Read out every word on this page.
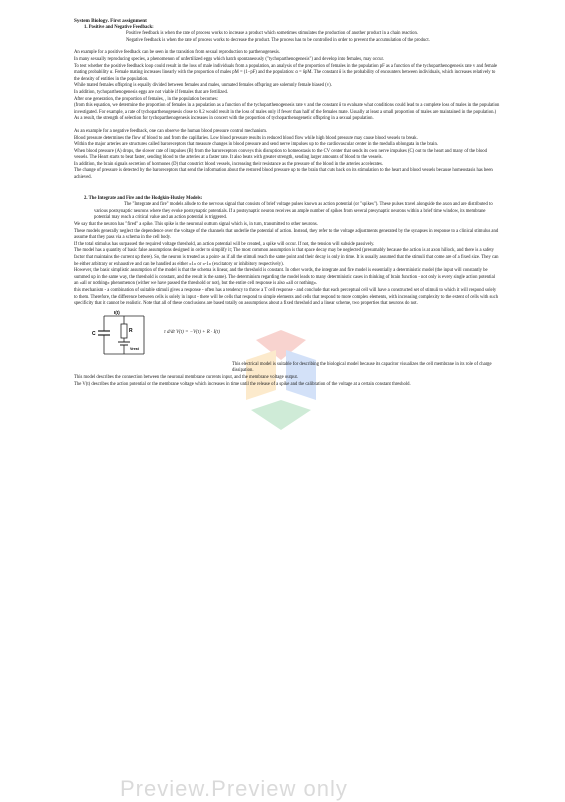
System Biology. First assignment

1. Positive and Negative Feedback:

Positive feedback is when the rate of process works to increase a product which sometimes stimulates the production of another product in a chain reaction.

Negative feedback is when the rate of process works to decrease the product. The process has to be controlled in order to prevent the accumulation of the product.

An example for a positive feedback can be seen in the transition from sexual reproduction to parthenogenesis.

In many sexually reproducing species, a phenomenon of unfertilized eggs which hatch spontaneously ("tychoparthenogenesis") and develop into females, may occur.

To test whether the positive feedback loop could result in the loss of male individuals from a population, an analysis of the proportion of females in the population pF as a function of the tychoparthenogenesis rate v and female mating probability α. Female mating increases linearly with the proportion of males pM = (1−pF) and the population: α = δpM. The constant δ is the probability of encounters between individuals, which increases relatively to the density of entities in the population.

While mated females offspring is equally divided between females and males, unmated females offspring are solemnly female biased (v).

In addition, tychoparthenogenesis eggs are not viable if females that are fertilized.

After one generation, the proportion of females, , in the population becomes:

(from this equation, we determine the proportion of females in a population as a function of the tychoparthenogenesis rate v and the constant δ to evaluate what conditions could lead to a complete loss of males in the population investigated. For example, a rate of tychoparthenogenesis close to 0.2 would result in the loss of males only if fewer than half of the females mate. Usually at least a small proportion of males are maintained in the population.)

As a result, the strength of selection for tychoparthenogenesis increases in concert with the proportion of tychoparthenogenetic offspring in a sexual population.

As an example for a negative feedback, one can observe the human blood pressure control mechanism.

Blood pressure determines the flow of blood to and from the capillaries. Low blood pressure results in reduced blood flow while high blood pressure may cause blood vessels to break.

Within the major arteries are structures called baroreceptors that measure changes in blood pressure and send nerve impulses up to the cardiovascular center in the medulla oblongata in the brain.

When blood pressure (A) drops, the slower rate of impulses (B) from the baroreceptors conveys this disruption to homeostasis to the CV center that sends its own nerve impulses (C) out to the heart and many of the blood vessels. The Heart starts to beat faster, sending blood to the arteries at a faster rate. It also beats with greater strength, sending larger amounts of blood to the vessels.

In addition, the brain signals secretion of hormones (D) that constrict blood vessels, increasing their resistance as the pressure of the blood in the arteries accelerates.

The change of pressure is detected by the baroreceptors that send the information about the restored blood pressure up to the brain that cuts back on its stimulation to the heart and blood vessels because homeostasis has been achieved.

2. The Integrate and Fire and the Hodgkin-Huxley Models:

The "Integrate and fire" models allude to the nervous signal that consists of brief voltage pulses known as action potential (or "spikes"). These pulses travel alongside the axon and are distributed to various postsynaptic neurons where they evoke postsynaptic potentials. If a postsynaptic neuron receives an ample number of spikes from several presynaptic neurons within a brief time window, its membrane potential may reach a critical value and an action potential is triggered.

We say that the neuron has "fired" a spike. This spike is the neuronal outturn signal which is, in turn, transmitted to other neurons.

These models generally neglect the dependence over the voltage of the channels that underlie the potential of action. Instead, they refer to the voltage adjustments generated by the synapses in response to a clinical stimulus and assume that they pass via a schema in the cell body.

If the total stimulus has surpassed the required voltage threshold, an action potential will be created, a spike will occur. If not, the tension will subside passively.

The model has a quantity of basic false assumptions designed in order to simplify it; The most common assumption is that space decay may be neglected (presumably because the action is at axon hillock, and there is a safety factor that maintains the current up there). So, the neuron is treated as a point- as if all the stimuli reach the same point and their decay is only in time. It is usually assumed that the stimuli that come are of a fixed size. They can be either arbitrary or exhaustive and can be handled as either «1» or «-1» (excitatory or inhibitory respectively).

However, the basic simplistic assumption of the model is that the schema is linear, and the threshold is constant. In other words, the integrate and fire model is essentially a deterministic model (the input will constantly be summed up in the same way, the threshold is constant, and the result is the same). The determinism regarding the model leads to many deterministic cases in thinking of brain function - not only is every single action potential an «all or nothing» phenomenon (wither we have passed the threshold or not), but the entire cell response is also «all or nothing».

this mechanism - a combination of suitable stimuli gives a response - often has a tendency to throw a T cell response - and conclude that each perceptual cell will have a constructed set of stimuli to which it will respond solely to them. Therefore, the difference between cells is solely in input - there will be cells that respond to simple elements and cells that respond to more complex elements, with increasing complexity to the extent of cells with such specificity that it cannot be realistic. Note that all of these conclusions are based totally on assumptions about a fixed threshold and a linear scheme, two properties that neurons do not.

I(t)
C	R
Vrest

τ d/dt V(t) = −V(t) + R · I(t)

This electrical model is suitable for describing the biological model because its capacitor visualizes the cell membrane in its role of charge dissipation.

This model describes the connection between the neuronal membrane currents input, and the membrane voltage output.

The V(t) describes the action potential or the membrane voltage which increases in time until the release of a spike and the calibration of the voltage at a certain constant threshold.

Preview.Preview only
